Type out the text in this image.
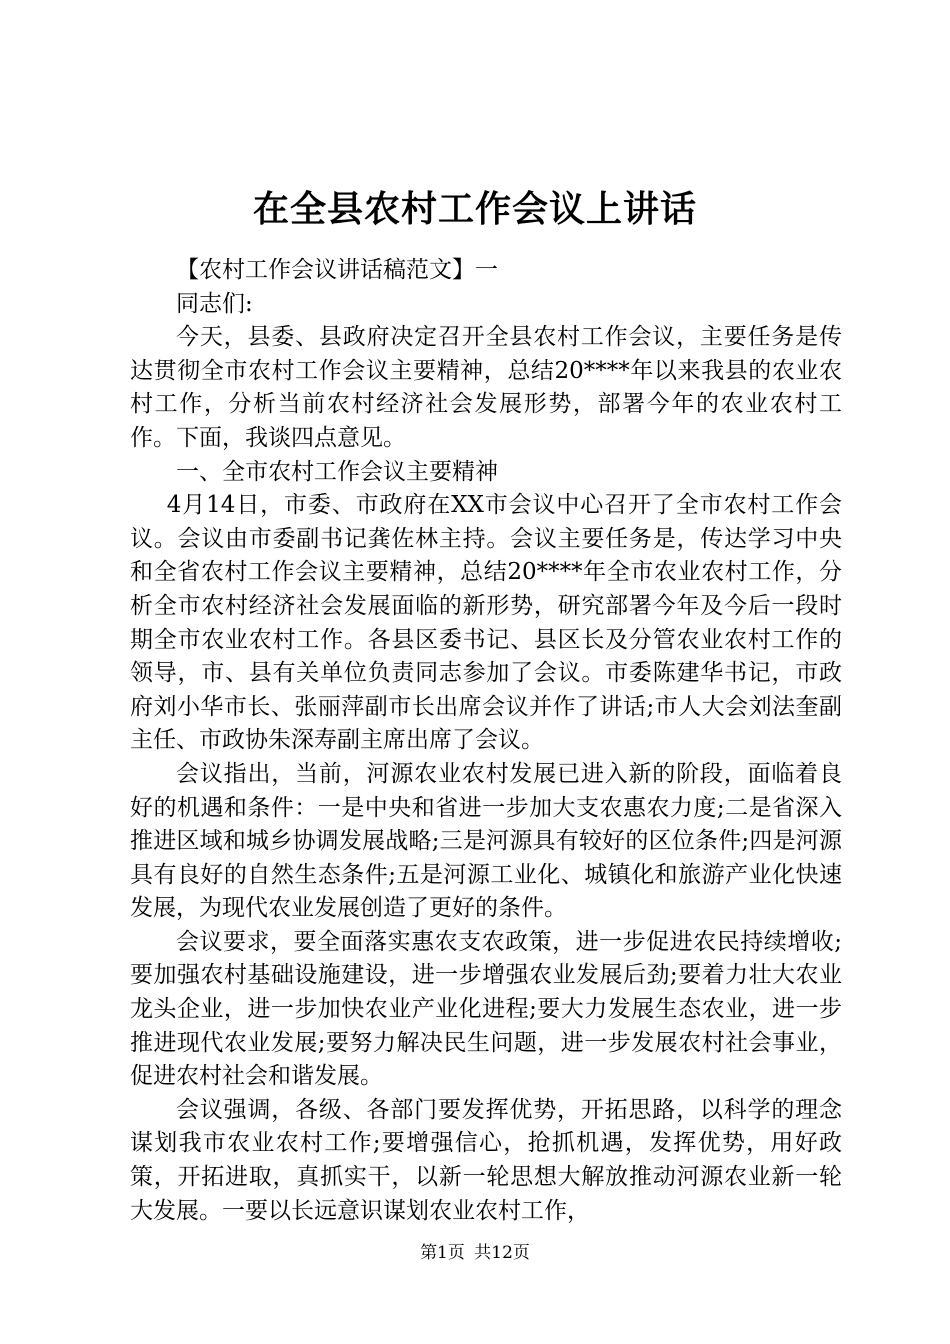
在全县农村工作会议上讲话

【农村工作会议讲话稿范文】一

同志们:

今天，县委、县政府决定召开全县农村工作会议，主要任务是传达贯彻全市农村工作会议主要精神，总结20****年以来我县的农业农村工作，分析当前农村经济社会发展形势，部署今年的农业农村工作。下面，我谈四点意见。

一、全市农村工作会议主要精神

4月14日，市委、市政府在XX市会议中心召开了全市农村工作会议。会议由市委副书记龚佐林主持。会议主要任务是，传达学习中央和全省农村工作会议主要精神，总结20****年全市农业农村工作，分析全市农村经济社会发展面临的新形势，研究部署今年及今后一段时期全市农业农村工作。各县区委书记、县区长及分管农业农村工作的领导，市、县有关单位负责同志参加了会议。市委陈建华书记，市政府刘小华市长、张丽萍副市长出席会议并作了讲话;市人大会刘法奎副主任、市政协朱深寿副主席出席了会议。

会议指出，当前，河源农业农村发展已进入新的阶段，面临着良好的机遇和条件：一是中央和省进一步加大支农惠农力度;二是省深入推进区域和城乡协调发展战略;三是河源具有较好的区位条件;四是河源具有良好的自然生态条件;五是河源工业化、城镇化和旅游产业化快速发展，为现代农业发展创造了更好的条件。

会议要求，要全面落实惠农支农政策，进一步促进农民持续增收;要加强农村基础设施建设，进一步增强农业发展后劲;要着力壮大农业龙头企业，进一步加快农业产业化进程;要大力发展生态农业，进一步推进现代农业发展;要努力解决民生问题，进一步发展农村社会事业，促进农村社会和谐发展。

会议强调，各级、各部门要发挥优势，开拓思路，以科学的理念谋划我市农业农村工作;要增强信心，抢抓机遇，发挥优势，用好政策，开拓进取，真抓实干，以新一轮思想大解放推动河源农业新一轮大发展。一要以长远意识谋划农业农村工作，

第1页 共12页
